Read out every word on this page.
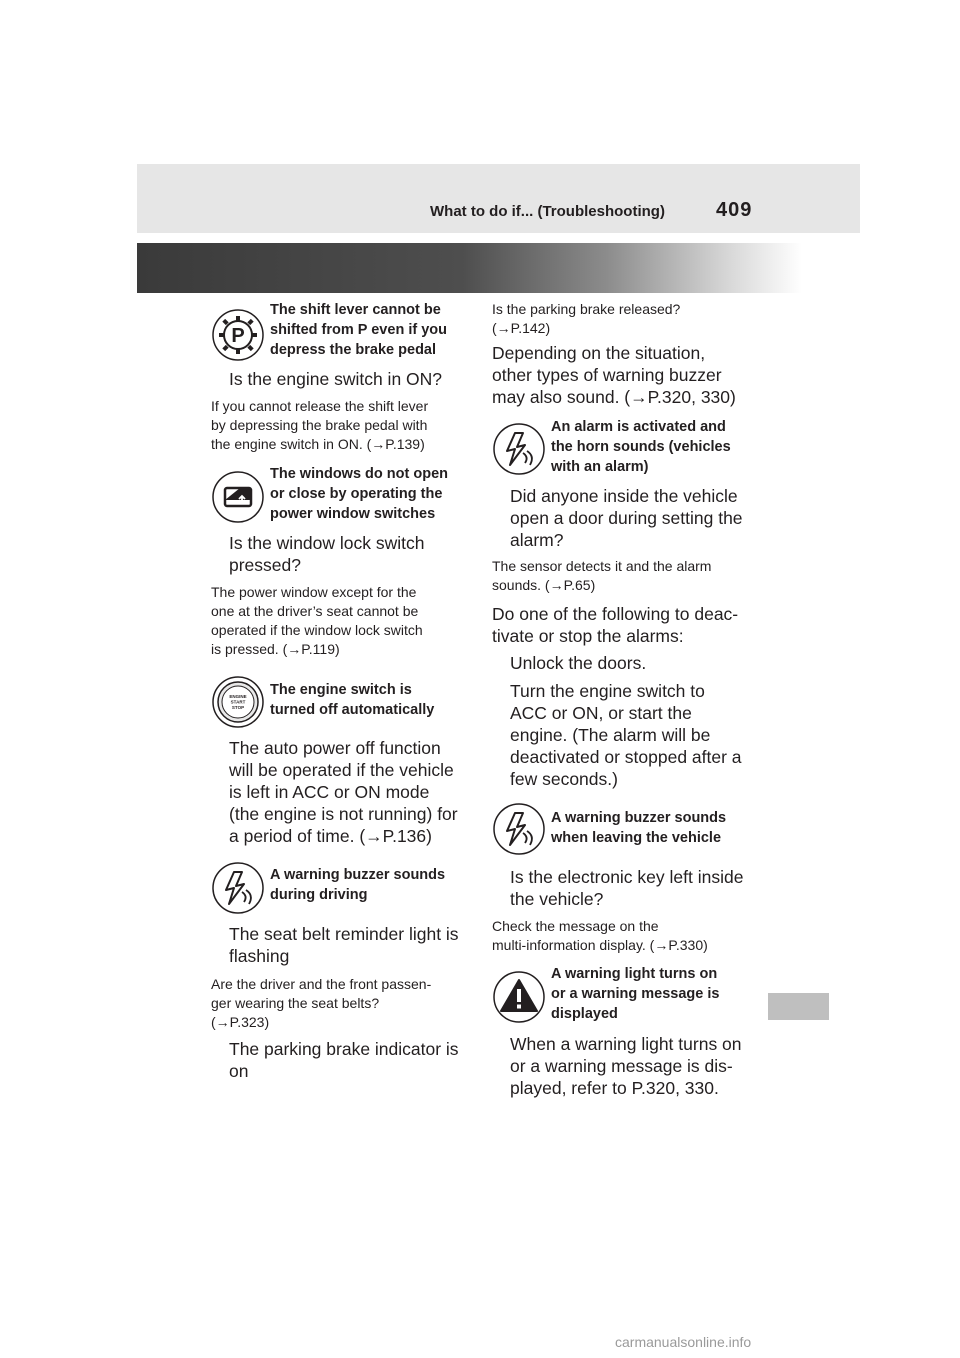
What to do if... (Troubleshooting)	409
P
The shift lever cannot be
shifted from P even if you
depress the brake pedal
Is the engine switch in ON?
If you cannot release the shift lever
by depressing the brake pedal with
the engine switch in ON. (→P.139)
The windows do not open
or close by operating the
power window switches
Is the window lock switch
pressed?
The power window except for the
one at the driver’s seat cannot be
operated if the window lock switch
is pressed. (→P.119)
ENGINE
START
STOP
The engine switch is
turned off automatically
The auto power off function
will be operated if the vehicle
is left in ACC or ON mode
(the engine is not running) for
a period of time. (→P.136)
A warning buzzer sounds
during driving
The seat belt reminder light is
flashing
Are the driver and the front passen-
ger wearing the seat belts?
(→P.323)
The parking brake indicator is
on
Is the parking brake released?
(→P.142)
Depending on the situation,
other types of warning buzzer
may also sound. (→P.320, 330)
An alarm is activated and
the horn sounds (vehicles
with an alarm)
Did anyone inside the vehicle
open a door during setting the
alarm?
The sensor detects it and the alarm
sounds. (→P.65)
Do one of the following to deac-
tivate or stop the alarms:
Unlock the doors.
Turn the engine switch to
ACC or ON, or start the
engine. (The alarm will be
deactivated or stopped after a
few seconds.)
A warning buzzer sounds
when leaving the vehicle
Is the electronic key left inside
the vehicle?
Check the message on the
multi-information display. (→P.330)
A warning light turns on
or a warning message is
displayed
When a warning light turns on
or a warning message is dis-
played, refer to P.320, 330.
carmanualsonline.info
